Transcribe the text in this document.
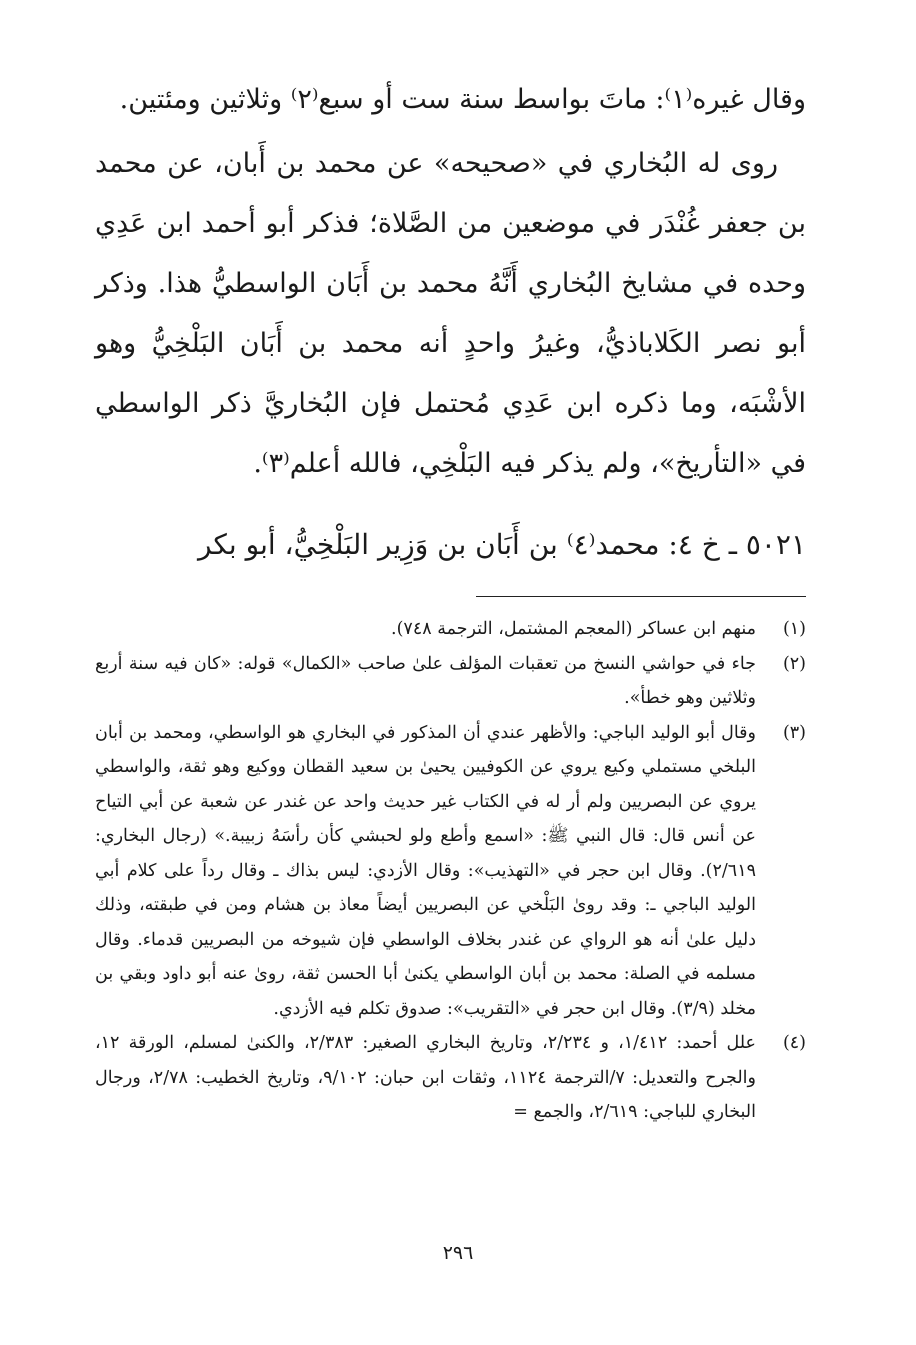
وقال غيره⁽١⁾: ماتَ بواسط سنة ست أو سبع⁽٢⁾ وثلاثين ومئتين.

روى له البُخاري في «صحيحه» عن محمد بن أَبان، عن محمد بن جعفر غُنْدَر في موضعين من الصَّلاة؛ فذكر أبو أحمد ابن عَدِي وحده في مشايخ البُخاري أَنَّهُ محمد بن أَبَان الواسطيُّ هذا. وذكر أبو نصر الكَلاباذيُّ، وغيرُ واحدٍ أنه محمد بن أَبَان البَلْخِيُّ وهو الأشْبَه، وما ذكره ابن عَدِي مُحتمل فإن البُخاريَّ ذكر الواسطي في «التأريخ»، ولم يذكر فيه البَلْخِي، فالله أعلم⁽٣⁾.

٥٠٢١ ـ خ ٤: محمد⁽٤⁾ بن أَبَان بن وَزِير البَلْخِيُّ، أبو بكر
(١)
منهم ابن عساكر (المعجم المشتمل، الترجمة ٧٤٨).
(٢)
جاء في حواشي النسخ من تعقبات المؤلف علىٰ صاحب «الكمال» قوله: «كان فيه سنة أربع وثلاثين وهو خطأ».
(٣)
وقال أبو الوليد الباجي: والأظهر عندي أن المذكور في البخاري هو الواسطي، ومحمد بن أبان البلخي مستملي وكيع يروي عن الكوفيين يحيىٰ بن سعيد القطان ووكيع وهو ثقة، والواسطي يروي عن البصريين ولم أر له في الكتاب غير حديث واحد عن غندر عن شعبة عن أبي التياح عن أنس قال: قال النبي ﷺ: «اسمع وأطع ولو لحبشي كأن رأسَهُ زبيبة.» (رجال البخاري: ٢/٦١٩). وقال ابن حجر في «التهذيب»: وقال الأزدي: ليس بذاك ـ وقال رداً على كلام أبي الوليد الباجي ـ: وقد روىٰ البَلْخي عن البصريين أيضاً معاذ بن هشام ومن في طبقته، وذلك دليل علىٰ أنه هو الرواي عن غندر بخلاف الواسطي فإن شيوخه من البصريين قدماء. وقال مسلمه في الصلة: محمد بن أبان الواسطي يكنىٰ أبا الحسن ثقة، روىٰ عنه أبو داود وبقي بن مخلد (٣/٩). وقال ابن حجر في «التقريب»: صدوق تكلم فيه الأزدي.
(٤)
علل أحمد: ١/٤١٢، و ٢/٢٣٤، وتاريخ البخاري الصغير: ٢/٣٨٣، والكنىٰ لمسلم، الورقة ١٢، والجرح والتعديل: ٧/الترجمة ١١٢٤، وثقات ابن حبان: ٩/١٠٢، وتاريخ الخطيب: ٢/٧٨، ورجال البخاري للباجي: ٢/٦١٩، والجمع =
٢٩٦
